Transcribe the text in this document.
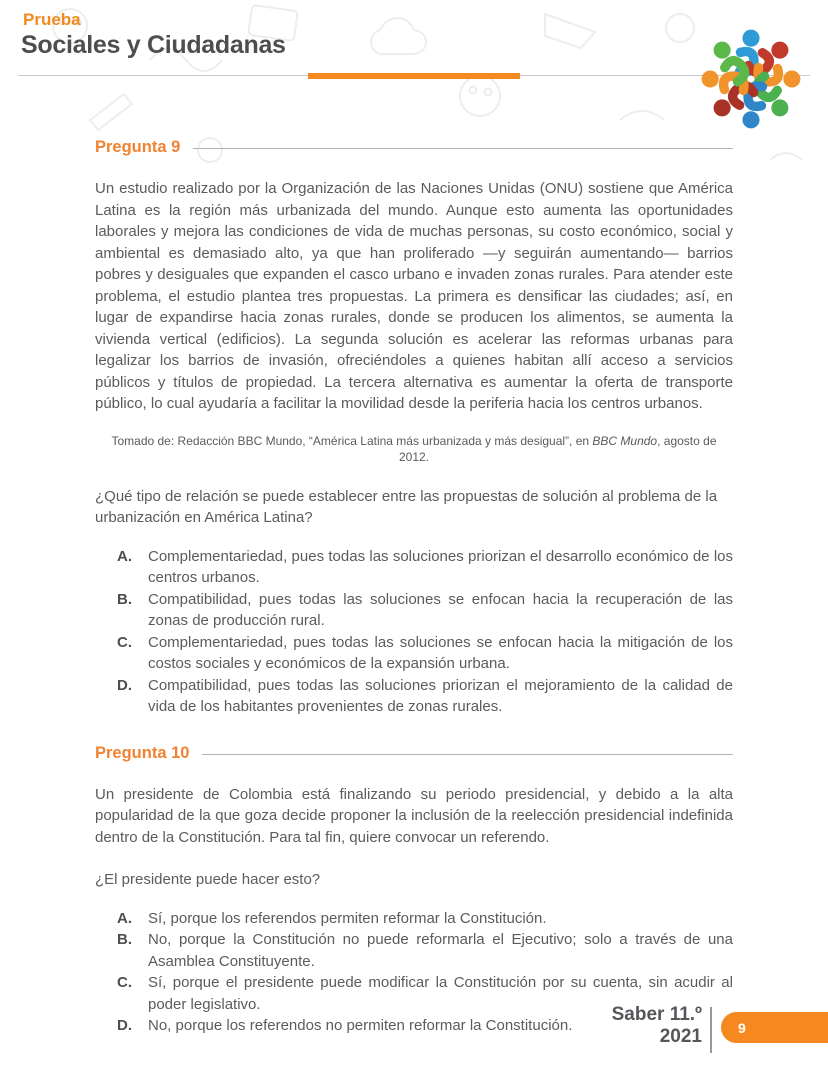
Prueba
Sociales y Ciudadanas
Pregunta 9

Un estudio realizado por la Organización de las Naciones Unidas (ONU) sostiene que América Latina es la región más urbanizada del mundo. Aunque esto aumenta las oportunidades laborales y mejora las condiciones de vida de muchas personas, su costo económico, social y ambiental es demasiado alto, ya que han proliferado —y seguirán aumentando— barrios pobres y desiguales que expanden el casco urbano e invaden zonas rurales. Para atender este problema, el estudio plantea tres propuestas. La primera es densificar las ciudades; así, en lugar de expandirse hacia zonas rurales, donde se producen los alimentos, se aumenta la vivienda vertical (edificios). La segunda solución es acelerar las reformas urbanas para legalizar los barrios de invasión, ofreciéndoles a quienes habitan allí acceso a servicios públicos y títulos de propiedad. La tercera alternativa es aumentar la oferta de transporte público, lo cual ayudaría a facilitar la movilidad desde la periferia hacia los centros urbanos.

Tomado de: Redacción BBC Mundo, “América Latina más urbanizada y más desigual”, en BBC Mundo, agosto de 2012.

¿Qué tipo de relación se puede establecer entre las propuestas de solución al problema de la urbanización en América Latina?

A.	Complementariedad, pues todas las soluciones priorizan el desarrollo económico de los centros urbanos.
B.	Compatibilidad, pues todas las soluciones se enfocan hacia la recuperación de las zonas de producción rural.
C.	Complementariedad, pues todas las soluciones se enfocan hacia la mitigación de los costos sociales y económicos de la expansión urbana.
D.	Compatibilidad, pues todas las soluciones priorizan el mejoramiento de la calidad de vida de los habitantes provenientes de zonas rurales.
Pregunta 10

Un presidente de Colombia está finalizando su periodo presidencial, y debido a la alta popularidad de la que goza decide proponer la inclusión de la reelección presidencial indefinida dentro de la Constitución. Para tal fin, quiere convocar un referendo.

¿El presidente puede hacer esto?

A.	Sí, porque los referendos permiten reformar la Constitución.
B.	No, porque la Constitución no puede reformarla el Ejecutivo; solo a través de una Asamblea Constituyente.
C.	Sí, porque el presidente puede modificar la Constitución por su cuenta, sin acudir al poder legislativo.
D.	No, porque los referendos no permiten reformar la Constitución.
Saber 11.º
2021	9
